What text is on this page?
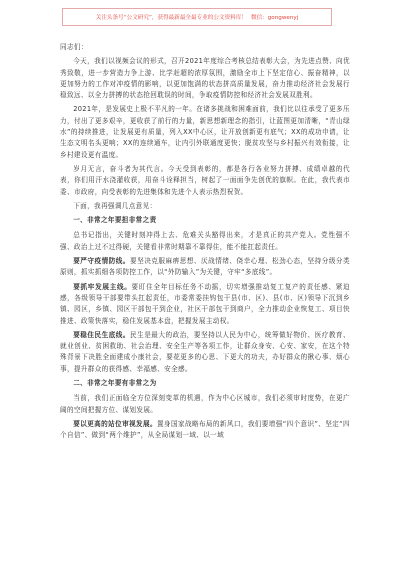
关注头条号“公文研究”，获得最新最全最专业的公文资料库！ 微信：gongwenyj

同志们：

今天，我们以视频会议的形式，召开2021年度综合考核总结表彰大会，为先进点赞、向优秀致敬，进一步营造力争上游、比学赶超的浓厚氛围，激励全市上下坚定信心、振奋精神，以更加努力的工作对冲疫情的影响，以更加饱满的状态拼高质量发展，奋力推动经济社会发展行稳致远、以全力拼搏的状态抢回耽误的时间，争取疫情防控和经济社会发展双胜利。

2021年，是发展史上极不平凡的一年。在诸多挑战和困难面前，我们比以往承受了更多压力，付出了更多艰辛，更收获了前行的力量，新思想新理念的指引，让蓝图更加清晰，“青山绿水”的持续推进，让发展更有质量，列入XX中心区，让开放创新更有底气；XX的成功申请，让生态文明名头更响；XX的连续通车，让内引外联通度更快；脱贫攻坚与乡村振兴有效衔接，让乡村建设更有温度。

岁月无言，奋斗者为其代言。今天受到表彰的，都是各行各业努力拼搏、成绩卓越的代表，你们用汗水浇灌收获，用奋斗诠释担当，树起了一面面争先创优的旗帜。在此，我代表市委、市政府，向受表彰的先进集体和先进个人表示热烈祝贺。

下面，我再强调几点意见：

一、非常之年要担非常之责

总书记指出，关键时刻冲得上去、危难关头豁得出来，才是真正的共产党人。党性强不强、政治上过不过得硬，关键看非常时期靠不靠得住，能不能扛起责任。

要严守疫情防线。要坚决克服麻痹思想、厌战情绪、侥幸心理、松劲心态，坚持分级分类原则，抓实抓细各项防控工作，以“外防输入”为关键，守牢“多底线”。

要抓牢发展主线。要盯住全年目标任务不动摇，切实增强推动复工复产的责任感、紧迫感，各级领导干部要带头扛起责任，市委常委挂钩包干县(市、区)、县(市、区)领导下沉到乡镇、园区，乡镇、园区干部包干到企业，社区干部包干到商户，全力推动企业恢复工、项目快推进、政策快落实，稳住发展基本盘，把握发展主动权。

要稳住民生底线。民生是最大的政治，要坚持以人民为中心，统筹做好物价、医疗教育、就业创业、贫困救助、社会治理、安全生产等各项工作，让群众身安、心安、家安，在这个特殊背景下决胜全面建成小康社会，要花更多的心思、下更大的功夫，办好群众的揪心事、烦心事，提升群众的获得感、幸福感、安全感。

二、非常之年要有非常之为

当前，我们正面临全方位深刻变革的机遇，作为中心区城市，我们必须审时度势，在更广阔的空间把握方位、谋划发展。

要以更高的站位审视发展。置身国家战略布局的新风口，我们要增强“四个意识”、坚定“四个自信”、做到“两个维护”，从全局谋划一域、以一域
